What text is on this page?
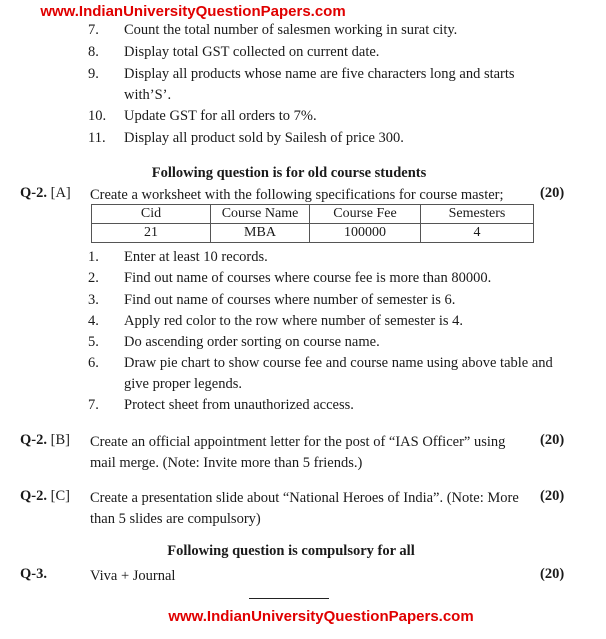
www.IndianUniversityQuestionPapers.com
7.	Count the total number of salesmen working in surat city.
8.	Display total GST collected on current date.
9.	Display all products whose name are five characters long and starts with’S’.
10.	Update GST for all orders to 7%.
11.	Display all product sold by Sailesh of price 300.
Following question is for old course students
Q-2. [A] Create a worksheet with the following specifications for course master;	(20)
Cid	Course Name	Course Fee	Semesters
21	MBA	100000	4
1.	Enter at least 10 records.
2.	Find out name of courses where course fee is more than 80000.
3.	Find out name of courses where number of semester is 6.
4.	Apply red color to the row where number of semester is 4.
5.	Do ascending order sorting on course name.
6.	Draw pie chart to show course fee and course name using above table and give proper legends.
7.	Protect sheet from unauthorized access.
Q-2. [B] Create an official appointment letter for the post of “IAS Officer” using mail merge. (Note: Invite more than 5 friends.)
(20)
Q-2. [C] Create a presentation slide about “National Heroes of India”. (Note: More than 5 slides are compulsory)
(20)
Following question is compulsory for all
Q-3.	Viva + Journal	(20)
www.IndianUniversityQuestionPapers.com
